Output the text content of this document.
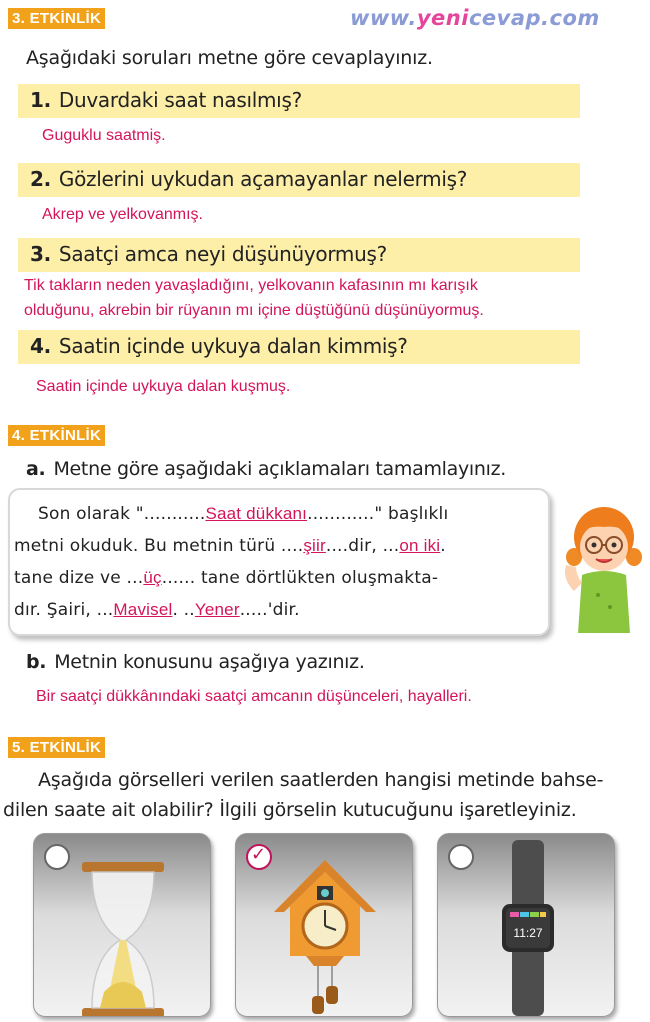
3. ETKİNLİK	www.yenicevap.com
Aşağıdaki soruları metne göre cevaplayınız.
1. Duvardaki saat nasılmış?
Guguklu saatmiş.
2. Gözlerini uykudan açamayanlar nelermiş?
Akrep ve yelkovanmış.
3. Saatçi amca neyi düşünüyormuş?
Tik takların neden yavaşladığını, yelkovanın kafasının mı karışık
olduğunu, akrebin bir rüyanın mı içine düştüğünü düşünüyormuş.
4. Saatin içinde uykuya dalan kimmiş?
Saatin içinde uykuya dalan kuşmuş.
4. ETKİNLİK
a. Metne göre aşağıdaki açıklamaları tamamlayınız.
Son olarak "...........Saat dükkanı............" başlıklı
metni okuduk. Bu metnin türü ....şiir....dir, ...on iki.
tane dize ve ...üç...... tane dörtlükten oluşmakta-
dır. Şairi, ...Mavisel. ..Yener.....'dir.
b. Metnin konusunu aşağıya yazınız.
Bir saatçi dükkânındaki saatçi amcanın düşünceleri, hayalleri.
5. ETKİNLİK
Aşağıda görselleri verilen saatlerden hangisi metinde bahse-
dilen saate ait olabilir? İlgili görselin kutucuğunu işaretleyiniz.
✓
11:27
